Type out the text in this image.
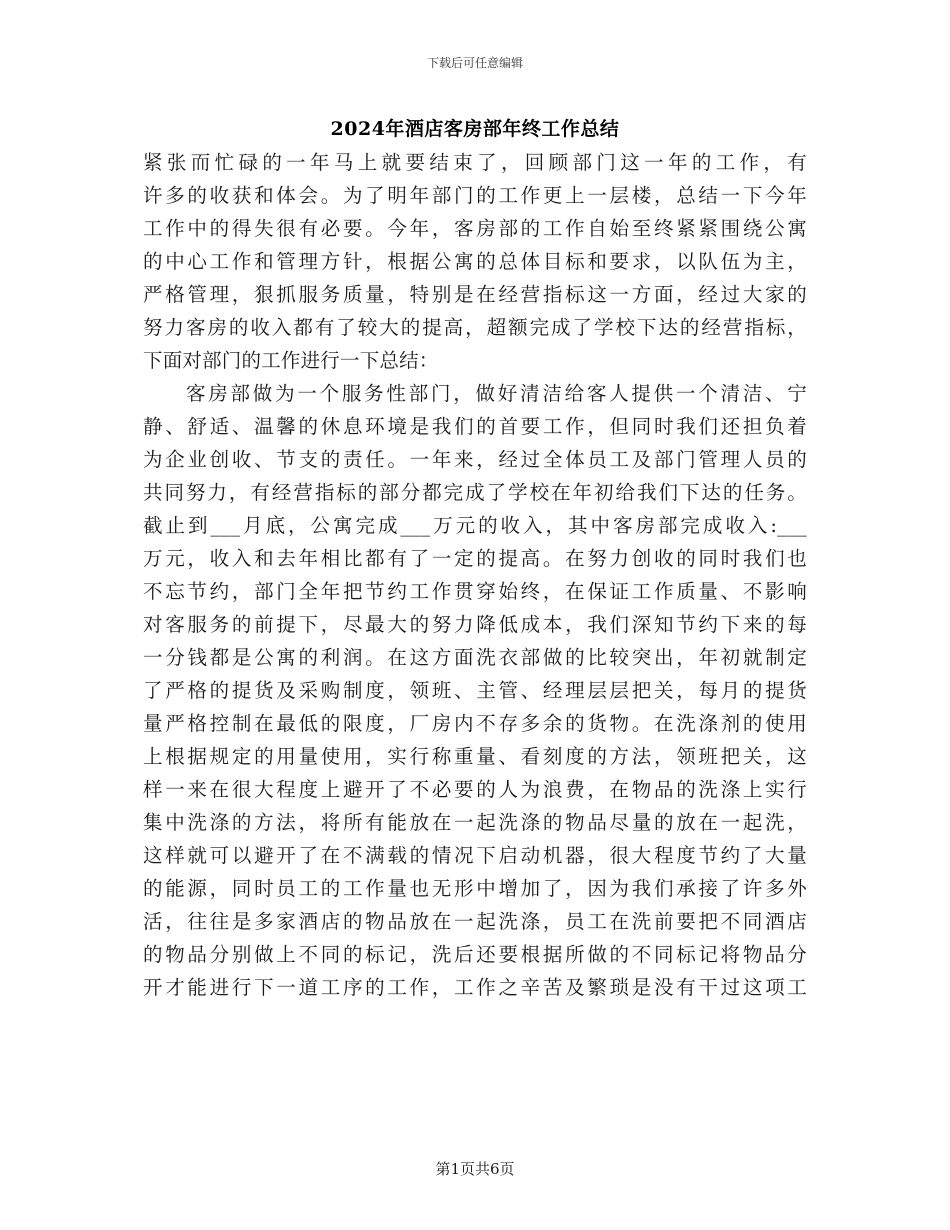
下载后可任意编辑
2024年酒店客房部年终工作总结
紧张而忙碌的一年马上就要结束了，回顾部门这一年的工作，有
许多的收获和体会。为了明年部门的工作更上一层楼，总结一下今年
工作中的得失很有必要。今年，客房部的工作自始至终紧紧围绕公寓
的中心工作和管理方针，根据公寓的总体目标和要求，以队伍为主，
严格管理，狠抓服务质量，特别是在经营指标这一方面，经过大家的
努力客房的收入都有了较大的提高，超额完成了学校下达的经营指标，
下面对部门的工作进行一下总结：
客房部做为一个服务性部门，做好清洁给客人提供一个清洁、宁
静、舒适、温馨的休息环境是我们的首要工作，但同时我们还担负着
为企业创收、节支的责任。一年来，经过全体员工及部门管理人员的
共同努力，有经营指标的部分都完成了学校在年初给我们下达的任务。
截止到___月底，公寓完成___万元的收入，其中客房部完成收入:___
万元，收入和去年相比都有了一定的提高。在努力创收的同时我们也
不忘节约，部门全年把节约工作贯穿始终，在保证工作质量、不影响
对客服务的前提下，尽最大的努力降低成本，我们深知节约下来的每
一分钱都是公寓的利润。在这方面洗衣部做的比较突出，年初就制定
了严格的提货及采购制度，领班、主管、经理层层把关，每月的提货
量严格控制在最低的限度，厂房内不存多余的货物。在洗涤剂的使用
上根据规定的用量使用，实行称重量、看刻度的方法，领班把关，这
样一来在很大程度上避开了不必要的人为浪费，在物品的洗涤上实行
集中洗涤的方法，将所有能放在一起洗涤的物品尽量的放在一起洗，
这样就可以避开了在不满载的情况下启动机器，很大程度节约了大量
的能源，同时员工的工作量也无形中增加了，因为我们承接了许多外
活，往往是多家酒店的物品放在一起洗涤，员工在洗前要把不同酒店
的物品分别做上不同的标记，洗后还要根据所做的不同标记将物品分
开才能进行下一道工序的工作，工作之辛苦及繁琐是没有干过这项工
第1页共6页
